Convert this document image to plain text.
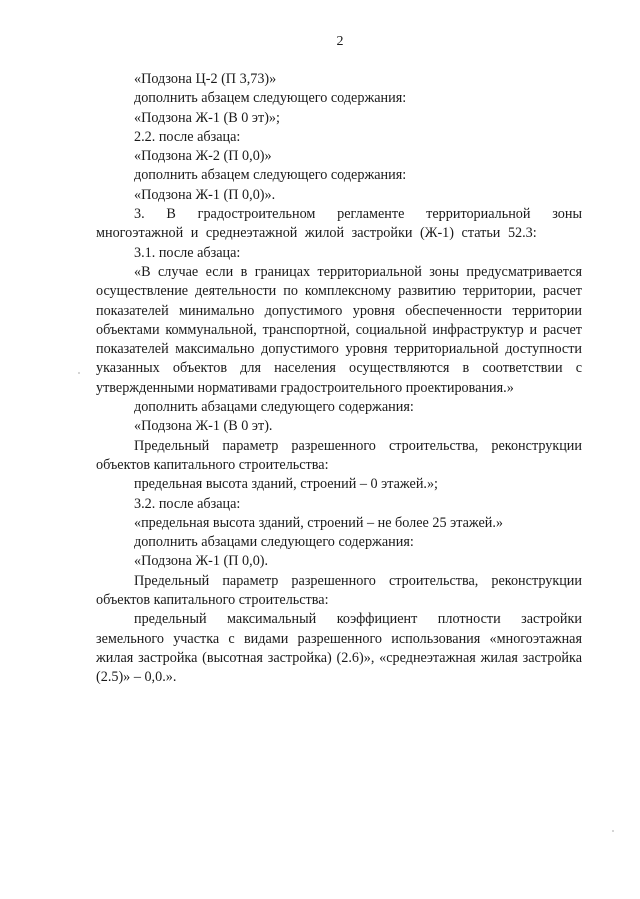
2

«Подзона Ц-2 (П 3,73)»

дополнить абзацем следующего содержания:

«Подзона Ж-1 (В 0 эт)»;

2.2. после абзаца:

«Подзона Ж-2 (П 0,0)»

дополнить абзацем следующего содержания:

«Подзона Ж-1 (П 0,0)».

3. В градостроительном регламенте территориальной зоны многоэтажной и среднеэтажной жилой застройки (Ж-1) статьи 52.3:

3.1. после абзаца:

«В случае если в границах территориальной зоны предусматривается осуществление деятельности по комплексному развитию территории, расчет показателей минимально допустимого уровня обеспеченности территории объектами коммунальной, транспортной, социальной инфраструктур и расчет показателей максимально допустимого уровня территориальной доступности указанных объектов для населения осуществляются в соответствии с утвержденными нормативами градостроительного проектирования.»

дополнить абзацами следующего содержания:

«Подзона Ж-1 (В 0 эт).

Предельный параметр разрешенного строительства, реконструкции объектов капитального строительства:

предельная высота зданий, строений – 0 этажей.»;

3.2. после абзаца:

«предельная высота зданий, строений – не более 25 этажей.»

дополнить абзацами следующего содержания:

«Подзона Ж-1 (П 0,0).

Предельный параметр разрешенного строительства, реконструкции объектов капитального строительства:

предельный максимальный коэффициент плотности застройки земельного участка с видами разрешенного использования «многоэтажная жилая застройка (высотная застройка) (2.6)», «среднеэтажная жилая застройка (2.5)» – 0,0.».
